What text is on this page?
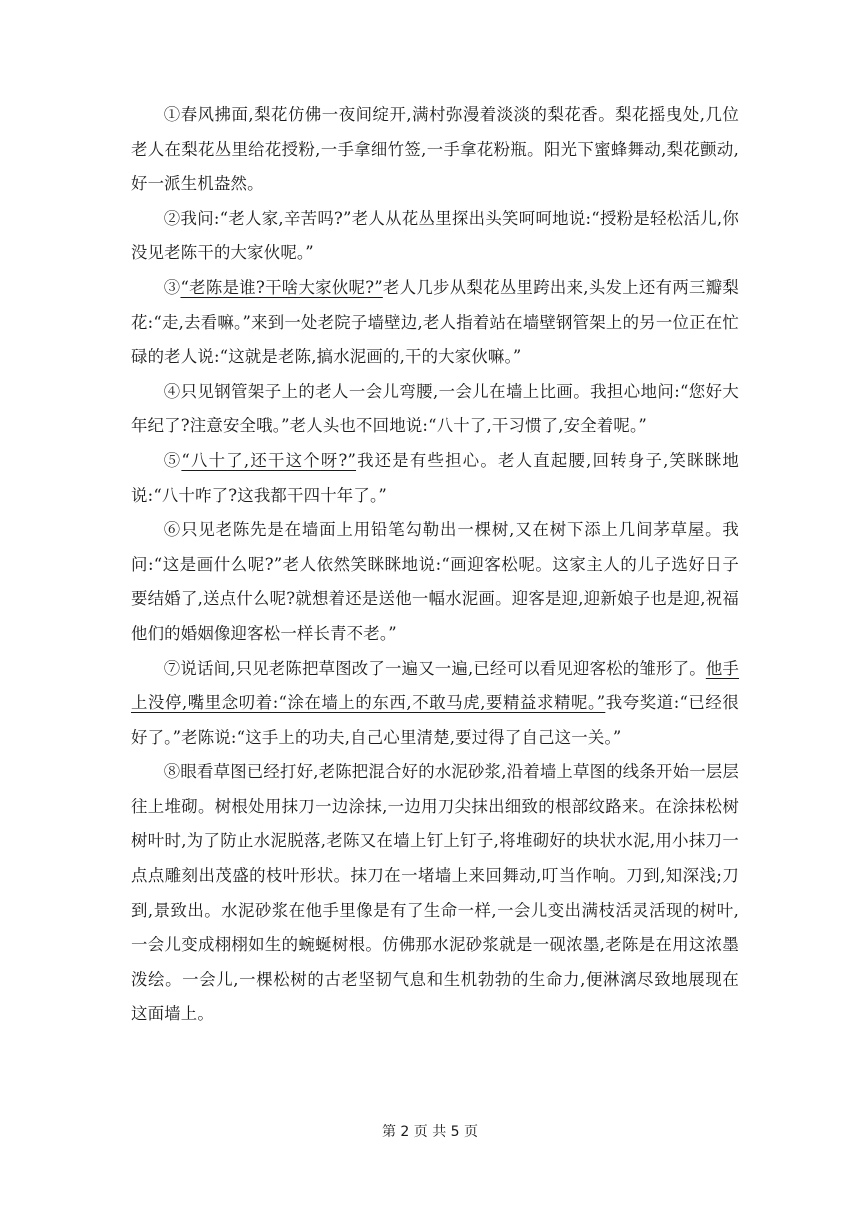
①春风拂面,梨花仿佛一夜间绽开,满村弥漫着淡淡的梨花香。梨花摇曳处,几位老人在梨花丛里给花授粉,一手拿细竹签,一手拿花粉瓶。阳光下蜜蜂舞动,梨花颤动,好一派生机盎然。

②我问:“老人家,辛苦吗?”老人从花丛里探出头笑呵呵地说:“授粉是轻松活儿,你没见老陈干的大家伙呢。”

③“老陈是谁?干啥大家伙呢?”老人几步从梨花丛里跨出来,头发上还有两三瓣梨花:“走,去看嘛。”来到一处老院子墙壁边,老人指着站在墙壁钢管架上的另一位正在忙碌的老人说:“这就是老陈,搞水泥画的,干的大家伙嘛。”

④只见钢管架子上的老人一会儿弯腰,一会儿在墙上比画。我担心地问:“您好大年纪了?注意安全哦。”老人头也不回地说:“八十了,干习惯了,安全着呢。”

⑤“八十了,还干这个呀?”我还是有些担心。老人直起腰,回转身子,笑眯眯地说:“八十咋了?这我都干四十年了。”

⑥只见老陈先是在墙面上用铅笔勾勒出一棵树,又在树下添上几间茅草屋。我问:“这是画什么呢?”老人依然笑眯眯地说:“画迎客松呢。这家主人的儿子选好日子要结婚了,送点什么呢?就想着还是送他一幅水泥画。迎客是迎,迎新娘子也是迎,祝福他们的婚姻像迎客松一样长青不老。”

⑦说话间,只见老陈把草图改了一遍又一遍,已经可以看见迎客松的雏形了。他手上没停,嘴里念叨着:“涂在墙上的东西,不敢马虎,要精益求精呢。”我夸奖道:“已经很好了。”老陈说:“这手上的功夫,自己心里清楚,要过得了自己这一关。”

⑧眼看草图已经打好,老陈把混合好的水泥砂浆,沿着墙上草图的线条开始一层层往上堆砌。树根处用抹刀一边涂抹,一边用刀尖抹出细致的根部纹路来。在涂抹松树树叶时,为了防止水泥脱落,老陈又在墙上钉上钉子,将堆砌好的块状水泥,用小抹刀一点点雕刻出茂盛的枝叶形状。抹刀在一堵墙上来回舞动,叮当作响。刀到,知深浅;刀到,景致出。水泥砂浆在他手里像是有了生命一样,一会儿变出满枝活灵活现的树叶,一会儿变成栩栩如生的蜿蜒树根。仿佛那水泥砂浆就是一砚浓墨,老陈是在用这浓墨泼绘。一会儿,一棵松树的古老坚韧气息和生机勃勃的生命力,便淋漓尽致地展现在这面墙上。

第 2 页 共 5 页
